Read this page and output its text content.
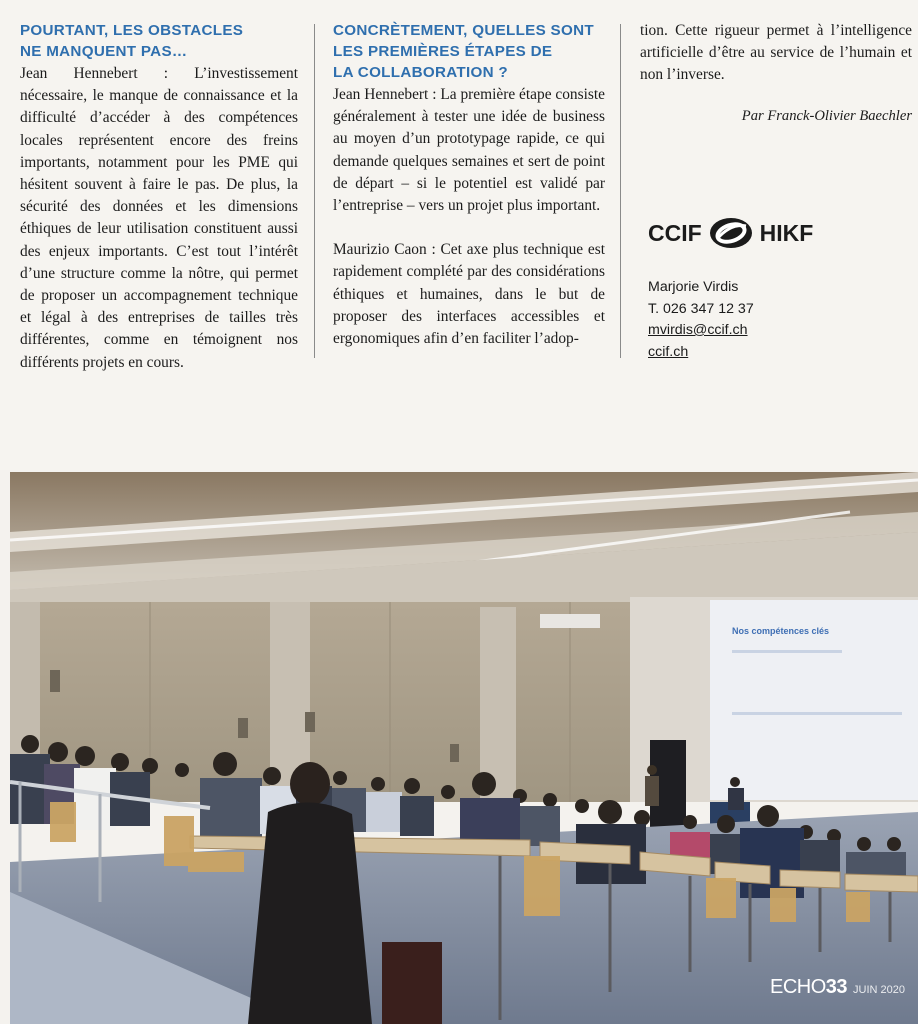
POURTANT, LES OBSTACLES
NE MANQUENT PAS…

Jean Hennebert : L’investissement nécessaire, le manque de connaissance et la difficulté d’accéder à des compétences locales représentent encore des freins importants, notamment pour les PME qui hésitent souvent à faire le pas. De plus, la sécurité des données et les dimensions éthiques de leur utilisation constituent aussi des enjeux importants. C’est tout l’intérêt d’une structure comme la nôtre, qui permet de proposer un accompagnement technique et légal à des entreprises de tailles très différentes, comme en témoignent nos différents projets en cours.

CONCRÈTEMENT, QUELLES SONT
LES PREMIÈRES ÉTAPES DE
LA COLLABORATION ?

Jean Hennebert : La première étape consiste généralement à tester une idée de business au moyen d’un prototypage rapide, ce qui demande quelques semaines et sert de point de départ – si le potentiel est validé par l’entreprise – vers un projet plus important.

Maurizio Caon : Cet axe plus technique est rapidement complété par des considérations éthiques et humaines, dans le but de proposer des interfaces accessibles et ergonomiques afin d’en faciliter l’adop-

tion. Cette rigueur permet à l’intelligence artificielle d’être au service de l’humain et non l’inverse.

Par Franck-Olivier Baechler
CCIF	HIKF
Marjorie Virdis
T. 026 347 12 37
mvirdis@ccif.ch
ccif.ch
Nos compétences clés
ECHO33 JUIN 2020
